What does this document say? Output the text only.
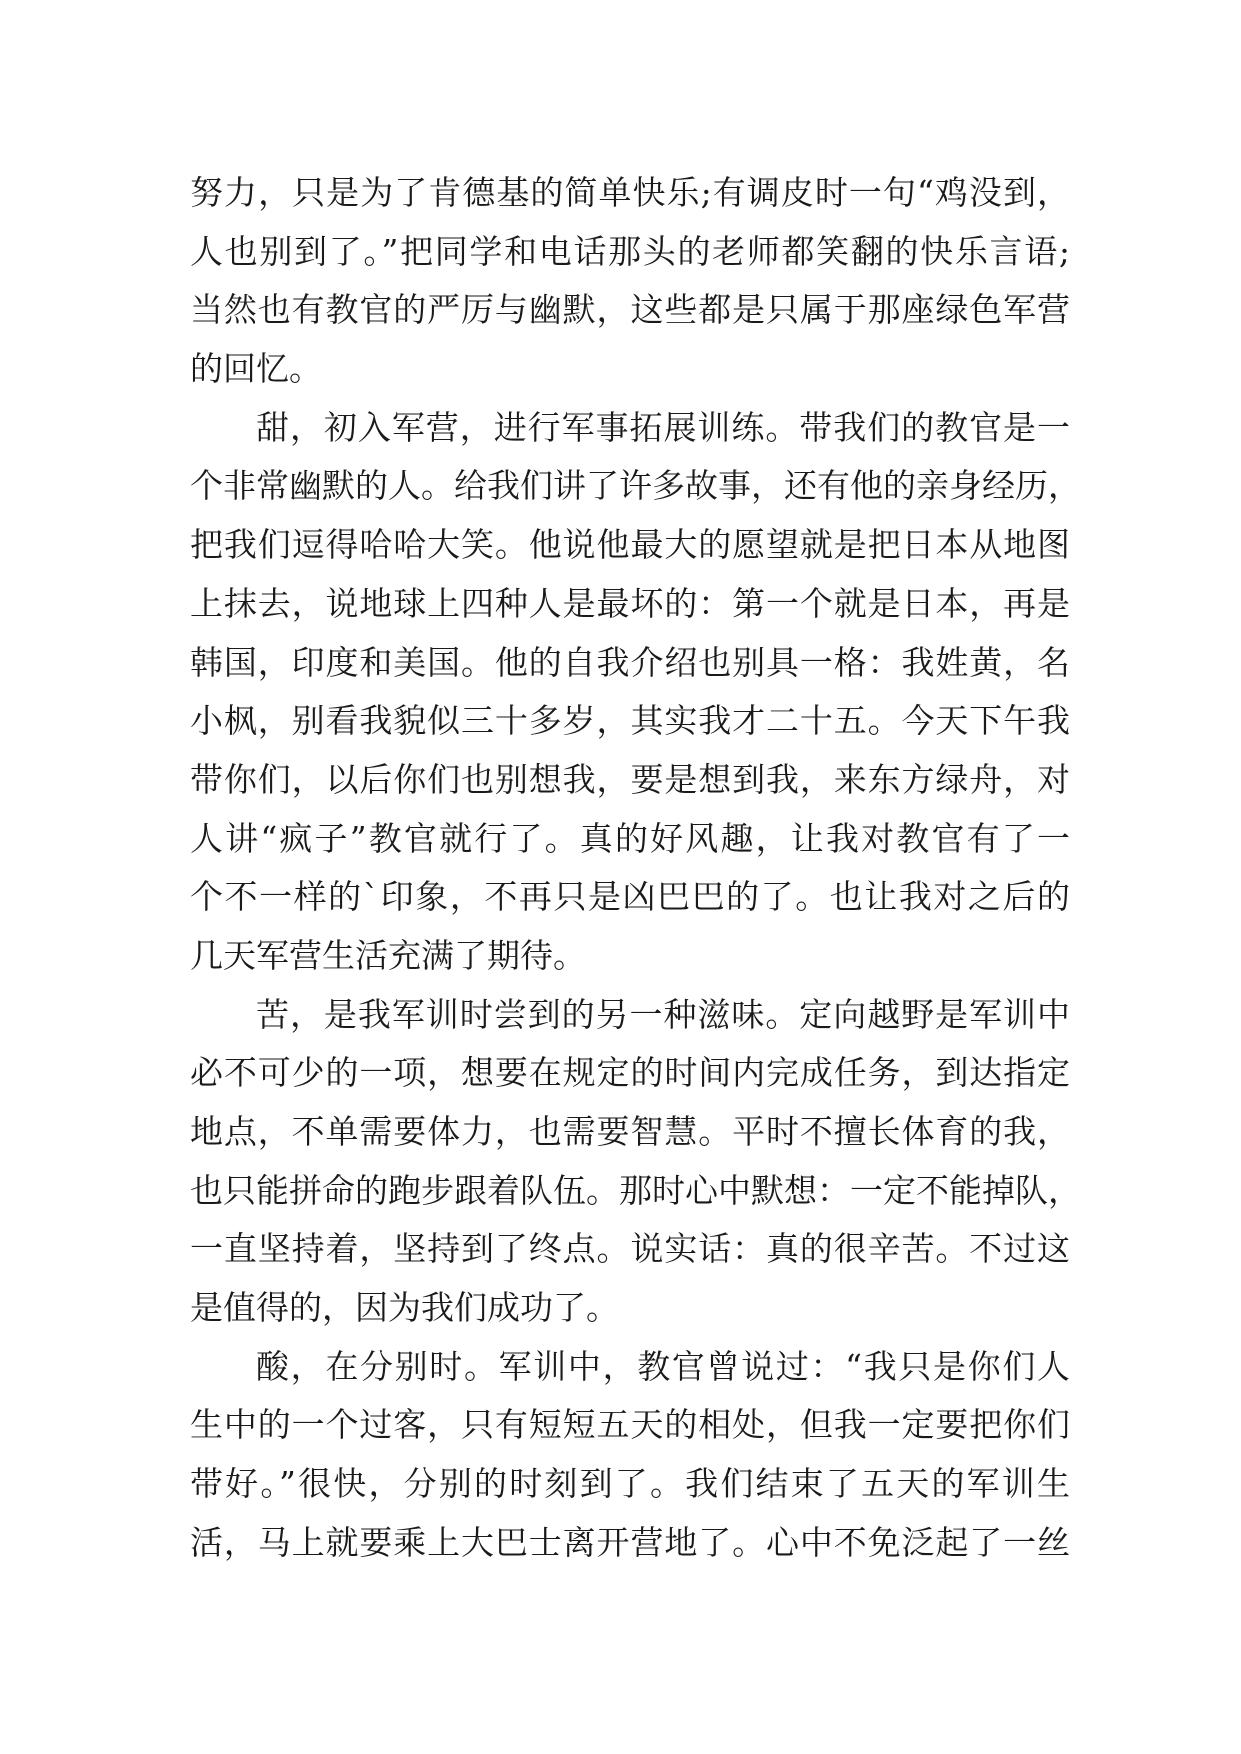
努力，只是为了肯德基的简单快乐;有调皮时一句“鸡没到，
人也别到了。”把同学和电话那头的老师都笑翻的快乐言语;
当然也有教官的严厉与幽默，这些都是只属于那座绿色军营
的回忆。
甜，初入军营，进行军事拓展训练。带我们的教官是一
个非常幽默的人。给我们讲了许多故事，还有他的亲身经历，
把我们逗得哈哈大笑。他说他最大的愿望就是把日本从地图
上抹去，说地球上四种人是最坏的：第一个就是日本，再是
韩国，印度和美国。他的自我介绍也别具一格：我姓黄，名
小枫，别看我貌似三十多岁，其实我才二十五。今天下午我
带你们，以后你们也别想我，要是想到我，来东方绿舟，对
人讲“疯子”教官就行了。真的好风趣，让我对教官有了一
个不一样的`印象，不再只是凶巴巴的了。也让我对之后的
几天军营生活充满了期待。
苦，是我军训时尝到的另一种滋味。定向越野是军训中
必不可少的一项，想要在规定的时间内完成任务，到达指定
地点，不单需要体力，也需要智慧。平时不擅长体育的我，
也只能拼命的跑步跟着队伍。那时心中默想：一定不能掉队，
一直坚持着，坚持到了终点。说实话：真的很辛苦。不过这
是值得的，因为我们成功了。
酸，在分别时。军训中，教官曾说过：“我只是你们人
生中的一个过客，只有短短五天的相处，但我一定要把你们
带好。”很快，分别的时刻到了。我们结束了五天的军训生
活，马上就要乘上大巴士离开营地了。心中不免泛起了一丝
